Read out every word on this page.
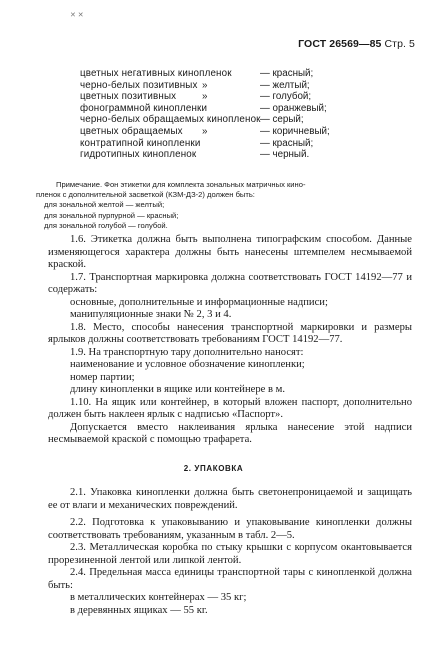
✕ ✕
ГОСТ 26569—85 Стр. 5
цветных негативных кинопленок	— красный;
черно-белых позитивных »	— желтый;
цветных позитивных	»	— голубой;
фонограммной кинопленки	— оранжевый;
черно-белых обращаемых кинопленок — серый;
цветных обращаемых »	— коричневый;
контратипной кинопленки	— красный;
гидротипных кинопленок	— черный.
Примечание. Фон этикетки для комплекта зональных матричных кино-
пленок с дополнительной засветкой (КЗМ-ДЗ-2) должен быть:
для зональной желтой — желтый;
для зональной пурпурной — красный;
для зональной голубой — голубой.

1.6. Этикетка должна быть выполнена типографским способом. Данные изменяющегося характера должны быть нанесены штемпелем несмываемой краской.

1.7. Транспортная маркировка должна соответствовать ГОСТ 14192—77 и содержать:

основные, дополнительные и информационные надписи;

манипуляционные знаки № 2, 3 и 4.

1.8. Место, способы нанесения транспортной маркировки и размеры ярлыков должны соответствовать требованиям ГОСТ 14192—77.

1.9. На транспортную тару дополнительно наносят:

наименование и условное обозначение кинопленки;

номер партии;

длину кинопленки в ящике или контейнере в м.

1.10. На ящик или контейнер, в который вложен паспорт, дополнительно должен быть наклеен ярлык с надписью «Паспорт».

Допускается вместо наклеивания ярлыка нанесение этой надписи несмываемой краской с помощью трафарета.

2. УПАКОВКА

2.1. Упаковка кинопленки должна быть светонепроницаемой и защищать ее от влаги и механических повреждений.

2.2. Подготовка к упаковыванию и упаковывание кинопленки должны соответствовать требованиям, указанным в табл. 2—5.

2.3. Металлическая коробка по стыку крышки с корпусом окантовывается прорезиненной лентой или липкой лентой.

2.4. Предельная масса единицы транспортной тары с кинопленкой должна быть:

в металлических контейнерах — 35 кг;

в деревянных ящиках — 55 кг.
